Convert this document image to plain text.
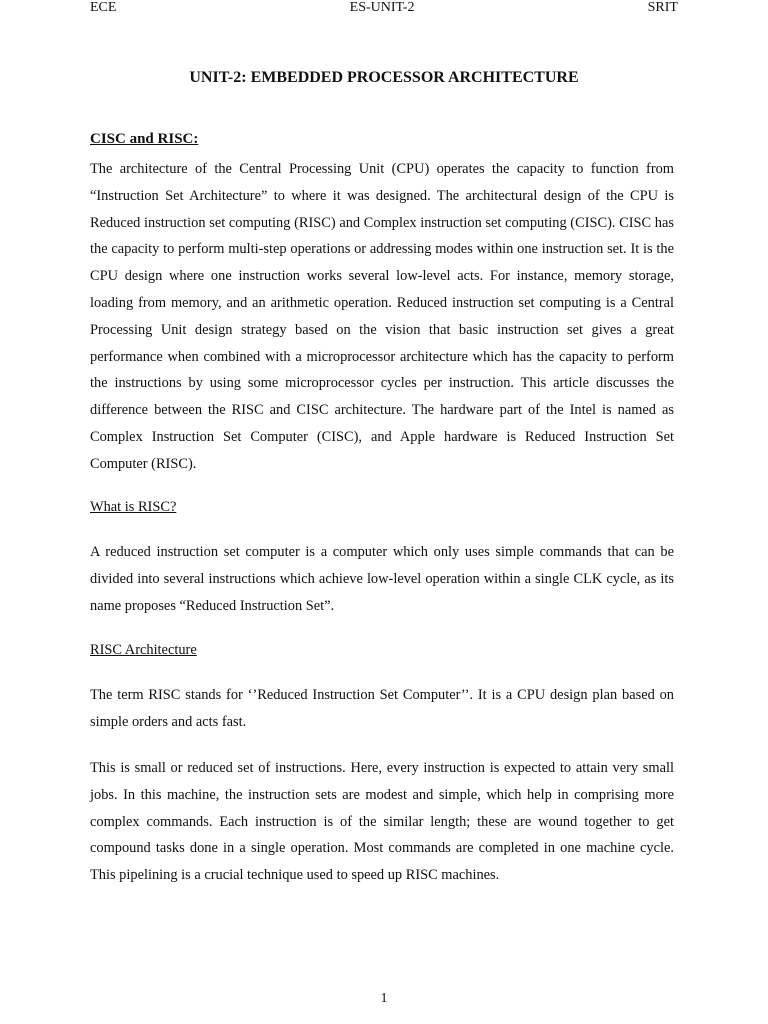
ECE	ES-UNIT-2	SRIT
UNIT-2: EMBEDDED PROCESSOR ARCHITECTURE
CISC and RISC:

The architecture of the Central Processing Unit (CPU) operates the capacity to function from “Instruction Set Architecture” to where it was designed. The architectural design of the CPU is Reduced instruction set computing (RISC) and Complex instruction set computing (CISC). CISC has the capacity to perform multi-step operations or addressing modes within one instruction set. It is the CPU design where one instruction works several low-level acts. For instance, memory storage, loading from memory, and an arithmetic operation. Reduced instruction set computing is a Central Processing Unit design strategy based on the vision that basic instruction set gives a great performance when combined with a microprocessor architecture which has the capacity to perform the instructions by using some microprocessor cycles per instruction. This article discusses the difference between the RISC and CISC architecture. The hardware part of the Intel is named as Complex Instruction Set Computer (CISC), and Apple hardware is Reduced Instruction Set Computer (RISC).

What is RISC?

A reduced instruction set computer is a computer which only uses simple commands that can be divided into several instructions which achieve low-level operation within a single CLK cycle, as its name proposes “Reduced Instruction Set”.

RISC Architecture

The term RISC stands for ‘’Reduced Instruction Set Computer’’. It is a CPU design plan based on simple orders and acts fast.

This is small or reduced set of instructions. Here, every instruction is expected to attain very small jobs. In this machine, the instruction sets are modest and simple, which help in comprising more complex commands. Each instruction is of the similar length; these are wound together to get compound tasks done in a single operation. Most commands are completed in one machine cycle. This pipelining is a crucial technique used to speed up RISC machines.

1
